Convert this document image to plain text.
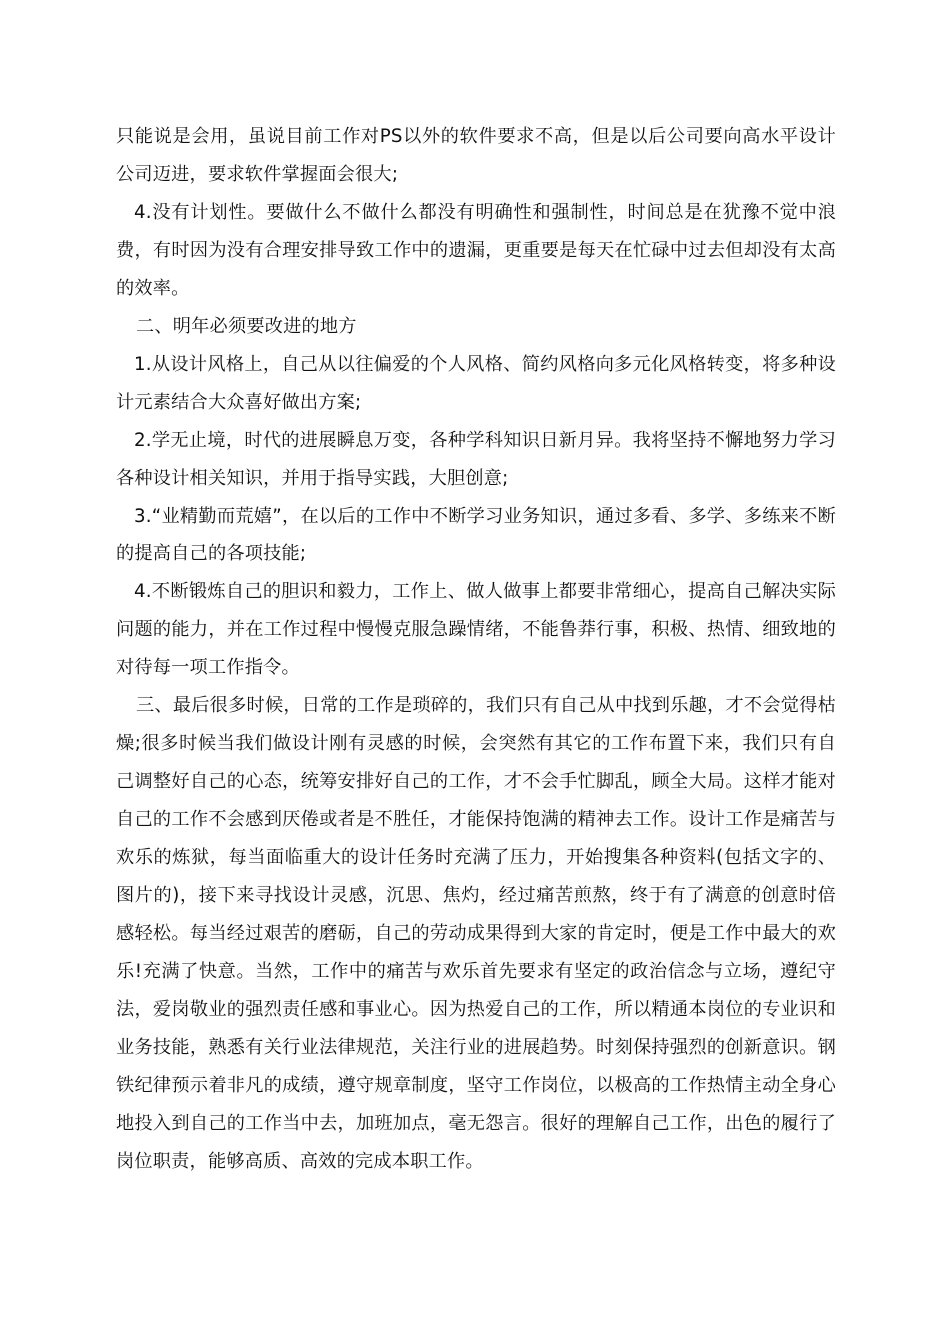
只能说是会用，虽说目前工作对PS以外的软件要求不高，但是以后公司要向高水平设计公司迈进，要求软件掌握面会很大;

4.没有计划性。要做什么不做什么都没有明确性和强制性，时间总是在犹豫不觉中浪费，有时因为没有合理安排导致工作中的遗漏，更重要是每天在忙碌中过去但却没有太高的效率。

二、明年必须要改进的地方

1.从设计风格上，自己从以往偏爱的个人风格、简约风格向多元化风格转变，将多种设计元素结合大众喜好做出方案;

2.学无止境，时代的进展瞬息万变，各种学科知识日新月异。我将坚持不懈地努力学习各种设计相关知识，并用于指导实践，大胆创意;

3.“业精勤而荒嬉”，在以后的工作中不断学习业务知识，通过多看、多学、多练来不断的提高自己的各项技能;

4.不断锻炼自己的胆识和毅力，工作上、做人做事上都要非常细心，提高自己解决实际问题的能力，并在工作过程中慢慢克服急躁情绪，不能鲁莽行事，积极、热情、细致地的对待每一项工作指令。

三、最后很多时候，日常的工作是琐碎的，我们只有自己从中找到乐趣，才不会觉得枯燥;很多时候当我们做设计刚有灵感的时候，会突然有其它的工作布置下来，我们只有自己调整好自己的心态，统筹安排好自己的工作，才不会手忙脚乱，顾全大局。这样才能对自己的工作不会感到厌倦或者是不胜任，才能保持饱满的精神去工作。设计工作是痛苦与欢乐的炼狱，每当面临重大的设计任务时充满了压力，开始搜集各种资料(包括文字的、图片的)，接下来寻找设计灵感，沉思、焦灼，经过痛苦煎熬，终于有了满意的创意时倍感轻松。每当经过艰苦的磨砺，自己的劳动成果得到大家的肯定时，便是工作中最大的欢乐!充满了快意。当然，工作中的痛苦与欢乐首先要求有坚定的政治信念与立场，遵纪守法，爱岗敬业的强烈责任感和事业心。因为热爱自己的工作，所以精通本岗位的专业识和业务技能，熟悉有关行业法律规范，关注行业的进展趋势。时刻保持强烈的创新意识。钢铁纪律预示着非凡的成绩，遵守规章制度，坚守工作岗位，以极高的工作热情主动全身心地投入到自己的工作当中去，加班加点，毫无怨言。很好的理解自己工作，出色的履行了岗位职责，能够高质、高效的完成本职工作。
